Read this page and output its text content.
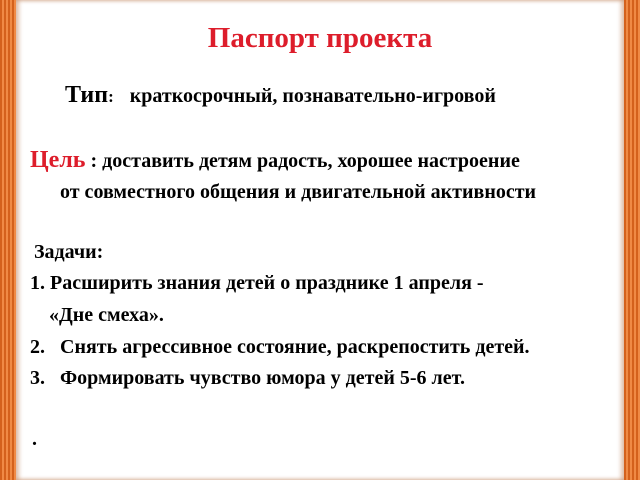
Паспорт проекта
Тип: краткосрочный, познавательно-игровой
Цель : доставить детям радость, хорошее настроение
от совместного общения и двигательной активности
Задачи:
1. Расширить знания детей о празднике 1 апреля -
«Дне смеха».
2.   Снять агрессивное состояние, раскрепостить детей.
3.   Формировать чувство юмора у детей 5-6 лет.
.
